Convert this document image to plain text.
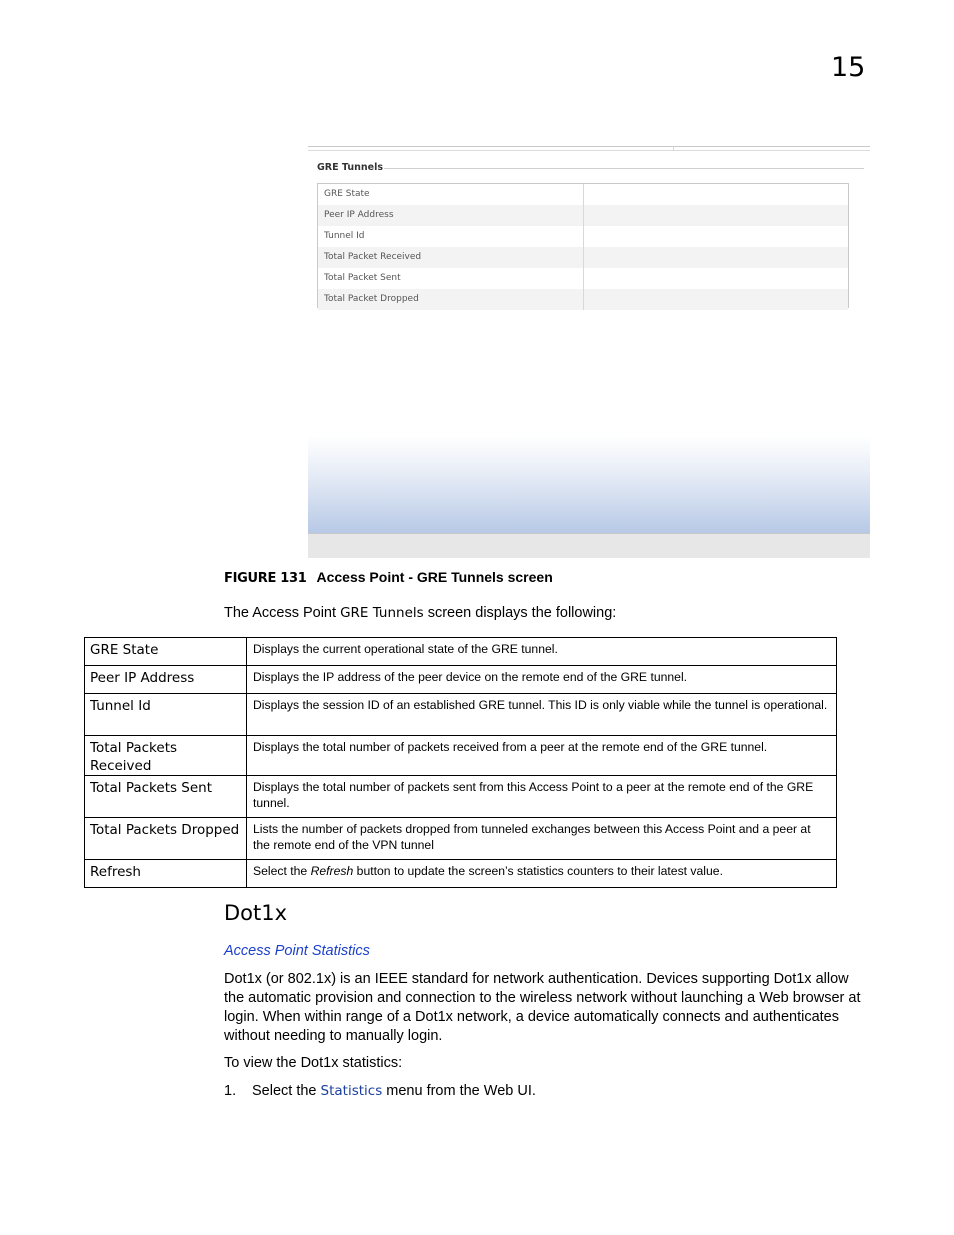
15
GRE Tunnels
GRE State
Peer IP Address
Tunnel Id
Total Packet Received
Total Packet Sent
Total Packet Dropped
FIGURE 131 Access Point - GRE Tunnels screen
The Access Point GRE Tunnels screen displays the following:
GRE State	Displays the current operational state of the GRE tunnel.
Peer IP Address	Displays the IP address of the peer device on the remote end of the GRE tunnel.
Tunnel Id	Displays the session ID of an established GRE tunnel. This ID is only viable while the tunnel is operational.
Total Packets Received	Displays the total number of packets received from a peer at the remote end of the GRE tunnel.
Total Packets Sent	Displays the total number of packets sent from this Access Point to a peer at the remote end of the GRE tunnel.
Total Packets Dropped	Lists the number of packets dropped from tunneled exchanges between this Access Point and a peer at the remote end of the VPN tunnel
Refresh	Select the Refresh button to update the screen’s statistics counters to their latest value.
Dot1x
Access Point Statistics
Dot1x (or 802.1x) is an IEEE standard for network authentication. Devices supporting Dot1x allow the automatic provision and connection to the wireless network without launching a Web browser at login. When within range of a Dot1x network, a device automatically connects and authenticates without needing to manually login.
To view the Dot1x statistics:
1. Select the Statistics menu from the Web UI.
